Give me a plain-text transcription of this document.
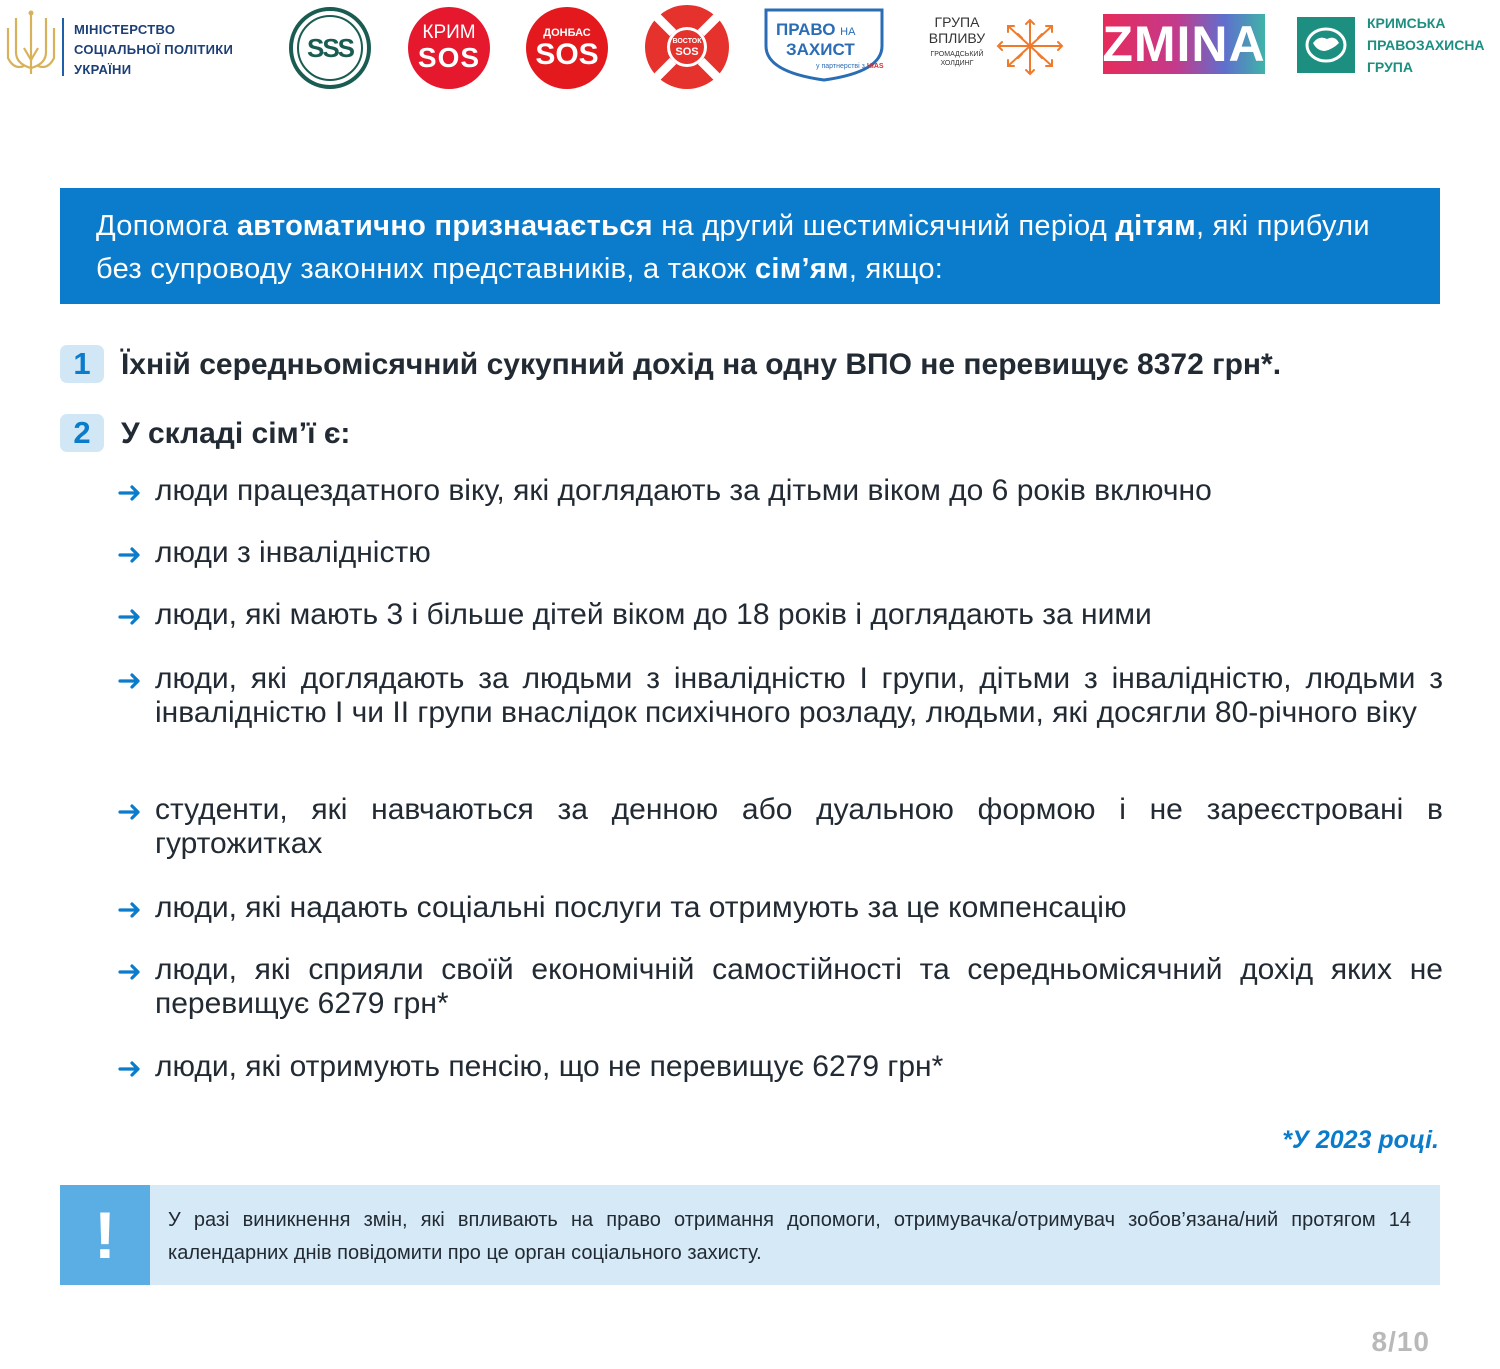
МІНІСТЕРСТВО
СОЦІАЛЬНОЇ ПОЛІТИКИ
УКРАЇНИ
SSS	КРИМ
SOS
ДОНБАС
SOS	ВОСТОК
SOS
ПРАВО НА
ЗАХИСТ
у партнерстві з HIAS
ГРУПА
ВПЛИВУ
ГРОМАДСЬКИЙ
ХОЛДИНГ	ZMINA	КРИМСЬКА
ПРАВОЗАХИСНА
ГРУПА
Допомога автоматично призначається на другий шестимісячний період дітям, які прибули без супроводу законних представників, а також сім’ям, якщо:
1	Їхній середньомісячний сукупний дохід на одну ВПО не перевищує 8372 грн*.
2	У складі сім’ї є:
люди працездатного віку, які доглядають за дітьми віком до 6 років включно
люди з інвалідністю
люди, які мають 3 і більше дітей віком до 18 років і доглядають за ними
люди, які доглядають за людьми з інвалідністю І групи, дітьми з інвалідністю, людьми з інвалідністю І чи ІІ групи внаслідок психічного розладу, людьми, які досягли 80-річного віку
студенти, які навчаються за денною або дуальною формою і не зареєстровані в гуртожитках
люди, які надають соціальні послуги та отримують за це компенсацію
люди, які сприяли своїй економічній самостійності та середньомісячний дохід яких не перевищує 6279 грн*
люди, які отримують пенсію, що не перевищує 6279 грн*
*У 2023 році.
!	У разі виникнення змін, які впливають на право отримання допомоги, отримувачка/отримувач зобов’язана/ний протягом 14 календарних днів повідомити про це орган соціального захисту.
8/10
